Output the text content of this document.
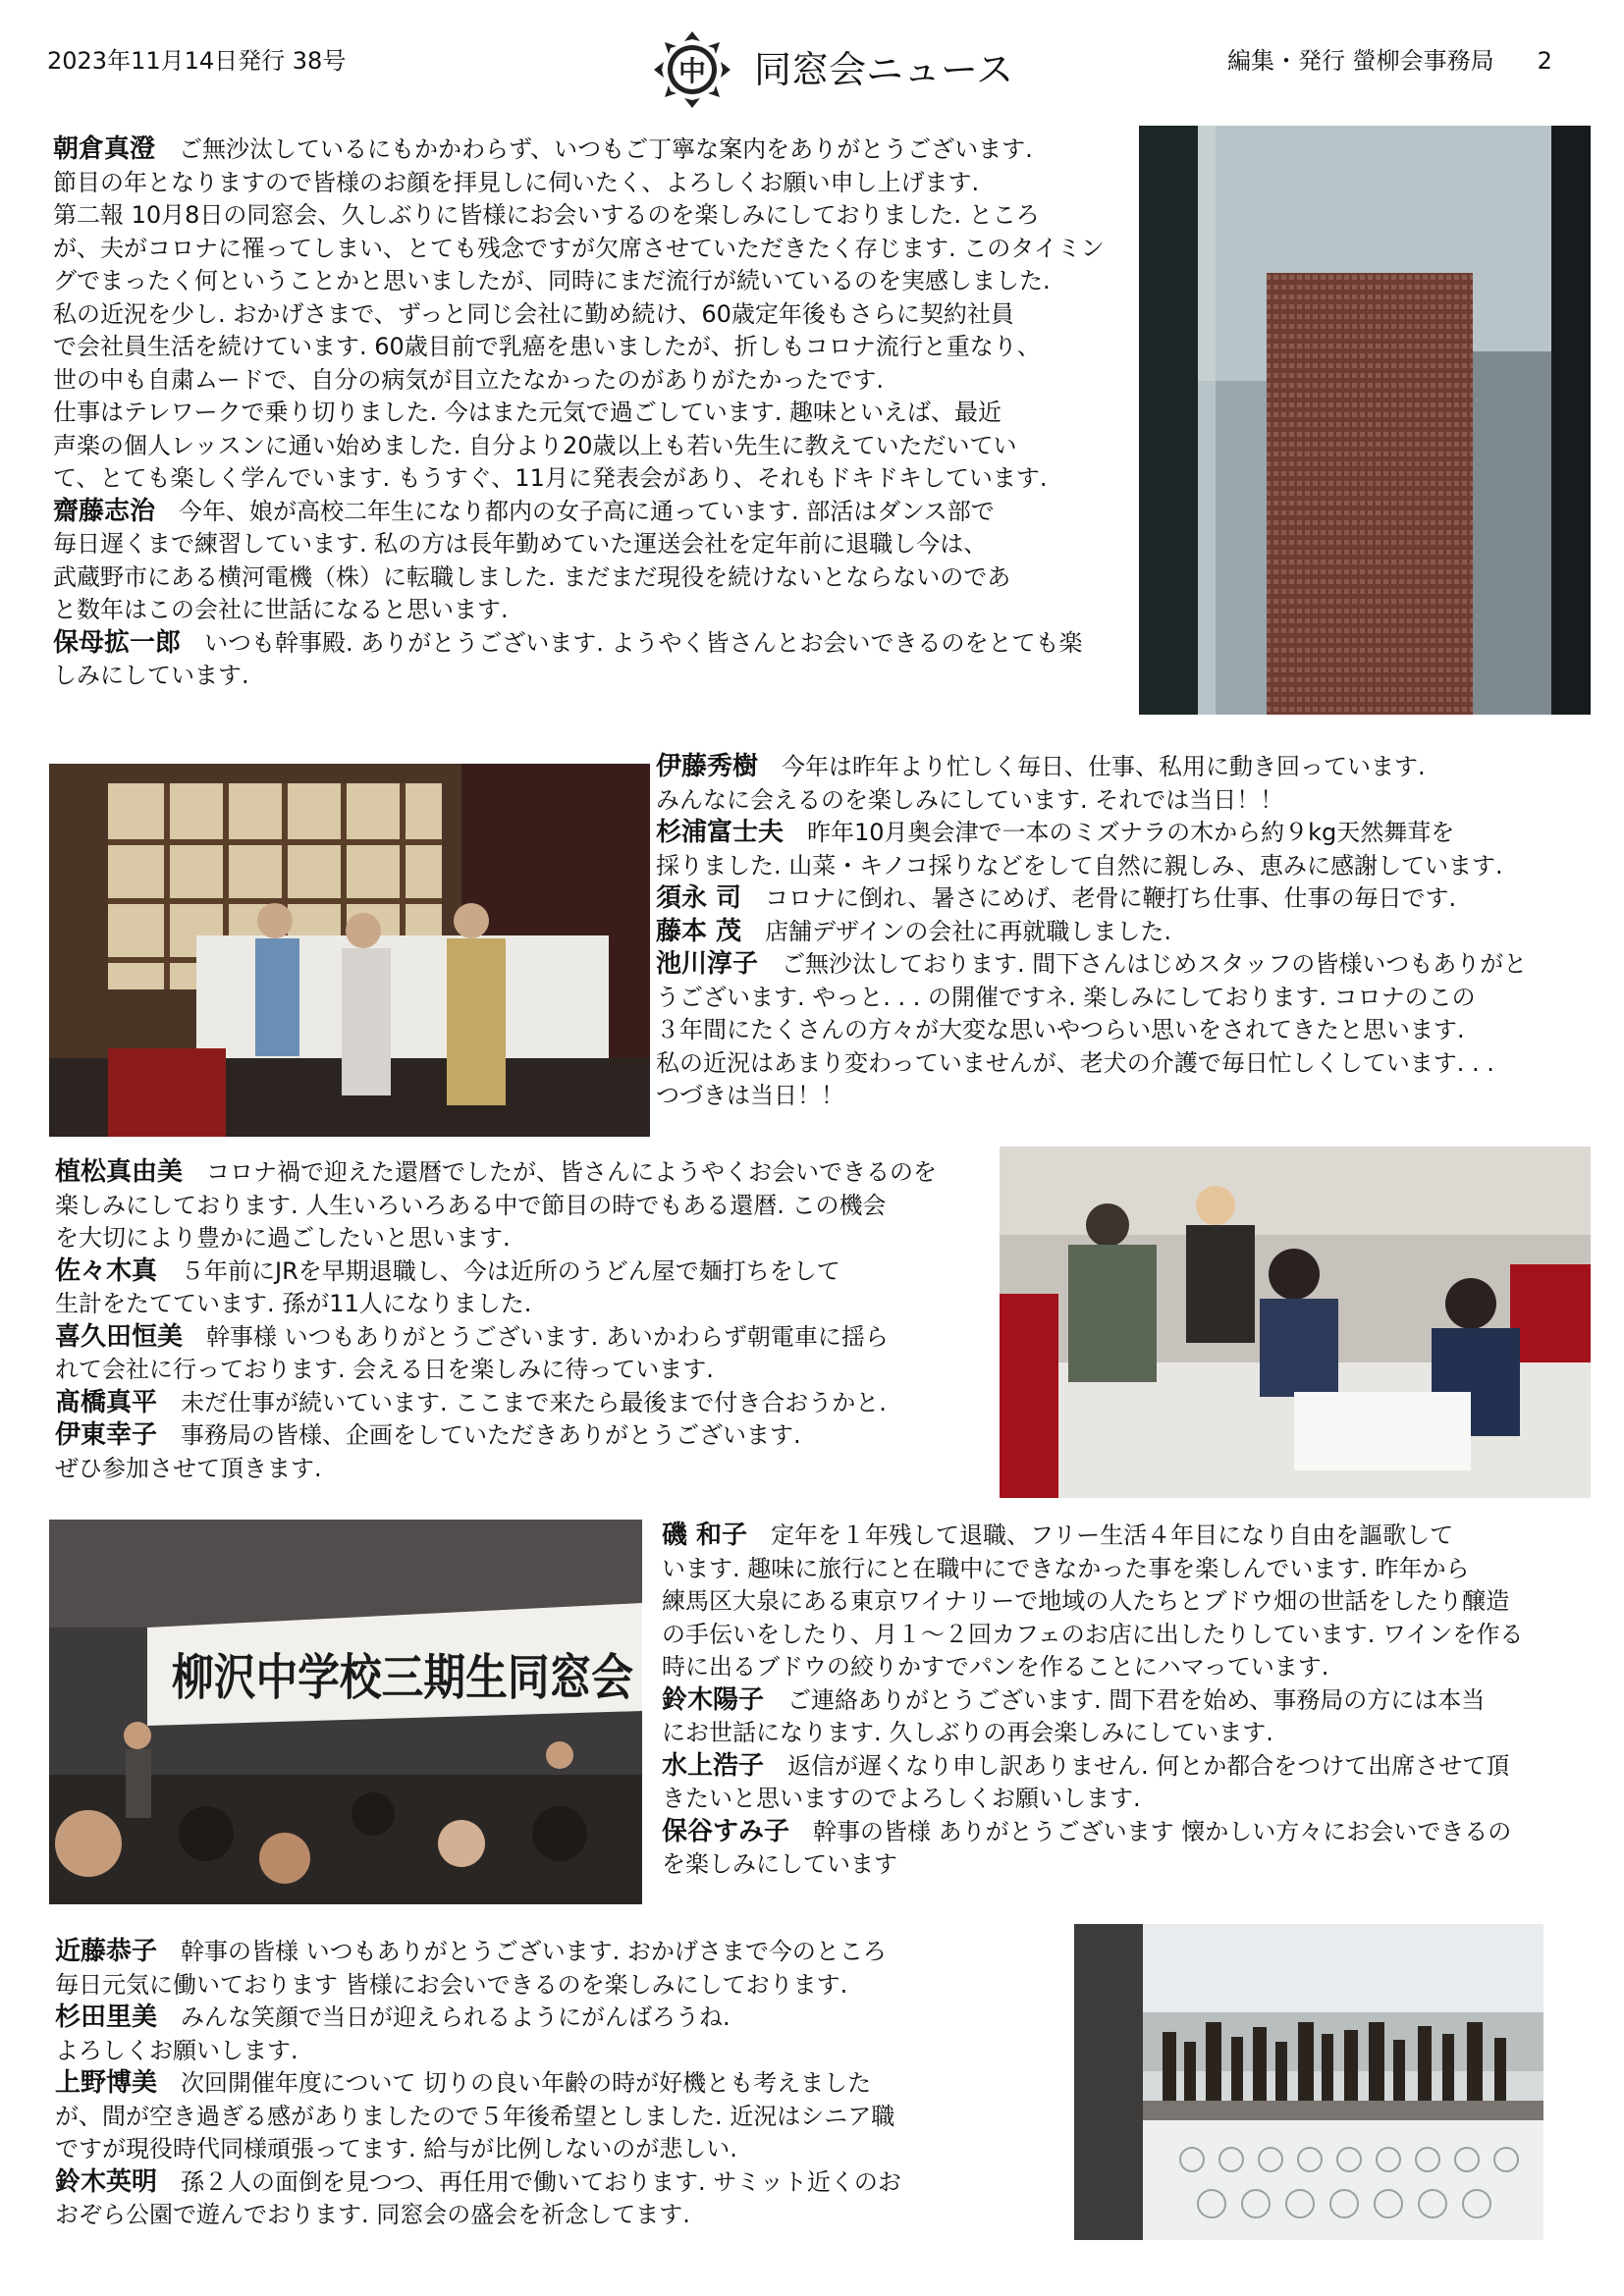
2023年11月14日発行 38号	中 同窓会ニュース	編集・発行 螢柳会事務局 2

朝倉真澄　 ご無沙汰しているにもかかわらず、いつもご丁寧な案内をありがとうございます.

節目の年となりますので皆様のお顔を拝見しに伺いたく、よろしくお願い申し上げます.

第二報 10月8日の同窓会、久しぶりに皆様にお会いするのを楽しみにしておりました. ところ

が、夫がコロナに罹ってしまい、とても残念ですが欠席させていただきたく存じます. このタイミン

グでまったく何ということかと思いましたが、同時にまだ流行が続いているのを実感しました.

私の近況を少し. おかげさまで、ずっと同じ会社に勤め続け、60歳定年後もさらに契約社員

で会社員生活を続けています. 60歳目前で乳癌を患いましたが、折しもコロナ流行と重なり、

世の中も自粛ムードで、自分の病気が目立たなかったのがありがたかったです.

仕事はテレワークで乗り切りました. 今はまた元気で過ごしています. 趣味といえば、最近

声楽の個人レッスンに通い始めました. 自分より20歳以上も若い先生に教えていただいてい

て、とても楽しく学んでいます. もうすぐ、11月に発表会があり、それもドキドキしています.

齋藤志治　 今年、娘が高校二年生になり都内の女子高に通っています. 部活はダンス部で

毎日遅くまで練習しています. 私の方は長年勤めていた運送会社を定年前に退職し今は、

武蔵野市にある横河電機（株）に転職しました. まだまだ現役を続けないとならないのであ

と数年はこの会社に世話になると思います.

保母拡一郎　 いつも幹事殿. ありがとうございます. ようやく皆さんとお会いできるのをとても楽

しみにしています.

伊藤秀樹　 今年は昨年より忙しく毎日、仕事、私用に動き回っています.

みんなに会えるのを楽しみにしています. それでは当日！！

杉浦富士夫　 昨年10月奥会津で一本のミズナラの木から約９kg天然舞茸を

採りました. 山菜・キノコ採りなどをして自然に親しみ、恵みに感謝しています.

須永 司　 コロナに倒れ、暑さにめげ、老骨に鞭打ち仕事、仕事の毎日です.

藤本 茂　 店舗デザインの会社に再就職しました.

池川淳子　 ご無沙汰しております. 間下さんはじめスタッフの皆様いつもありがと

うございます. やっと. . . の開催ですネ. 楽しみにしております. コロナのこの

３年間にたくさんの方々が大変な思いやつらい思いをされてきたと思います.

私の近況はあまり変わっていませんが、老犬の介護で毎日忙しくしています. . .

つづきは当日！！

植松真由美　 コロナ禍で迎えた還暦でしたが、皆さんにようやくお会いできるのを

楽しみにしております. 人生いろいろある中で節目の時でもある還暦. この機会

を大切により豊かに過ごしたいと思います.

佐々木真　 ５年前にJRを早期退職し、今は近所のうどん屋で麺打ちをして

生計をたてています. 孫が11人になりました.

喜久田恒美　 幹事様 いつもありがとうございます. あいかわらず朝電車に揺ら

れて会社に行っております. 会える日を楽しみに待っています.

髙橋真平　 未だ仕事が続いています. ここまで来たら最後まで付き合おうかと.

伊東幸子　 事務局の皆様、企画をしていただきありがとうございます.

ぜひ参加させて頂きます.

柳沢中学校三期生同窓会

磯 和子　 定年を１年残して退職、フリー生活４年目になり自由を謳歌して

います. 趣味に旅行にと在職中にできなかった事を楽しんでいます. 昨年から

練馬区大泉にある東京ワイナリーで地域の人たちとブドウ畑の世話をしたり醸造

の手伝いをしたり、月１～２回カフェのお店に出したりしています. ワインを作る

時に出るブドウの絞りかすでパンを作ることにハマっています.

鈴木陽子　 ご連絡ありがとうございます. 間下君を始め、事務局の方には本当

にお世話になります. 久しぶりの再会楽しみにしています.

水上浩子　 返信が遅くなり申し訳ありません. 何とか都合をつけて出席させて頂

きたいと思いますのでよろしくお願いします.

保谷すみ子　 幹事の皆様 ありがとうございます 懐かしい方々にお会いできるの

を楽しみにしています

近藤恭子　 幹事の皆様 いつもありがとうございます. おかげさまで今のところ

毎日元気に働いております 皆様にお会いできるのを楽しみにしております.

杉田里美　 みんな笑顔で当日が迎えられるようにがんばろうね.

よろしくお願いします.

上野博美　 次回開催年度について 切りの良い年齢の時が好機とも考えました

が、間が空き過ぎる感がありましたので５年後希望としました. 近況はシニア職

ですが現役時代同様頑張ってます. 給与が比例しないのが悲しい.

鈴木英明　 孫２人の面倒を見つつ、再任用で働いております. サミット近くのお

おぞら公園で遊んでおります. 同窓会の盛会を祈念してます.
